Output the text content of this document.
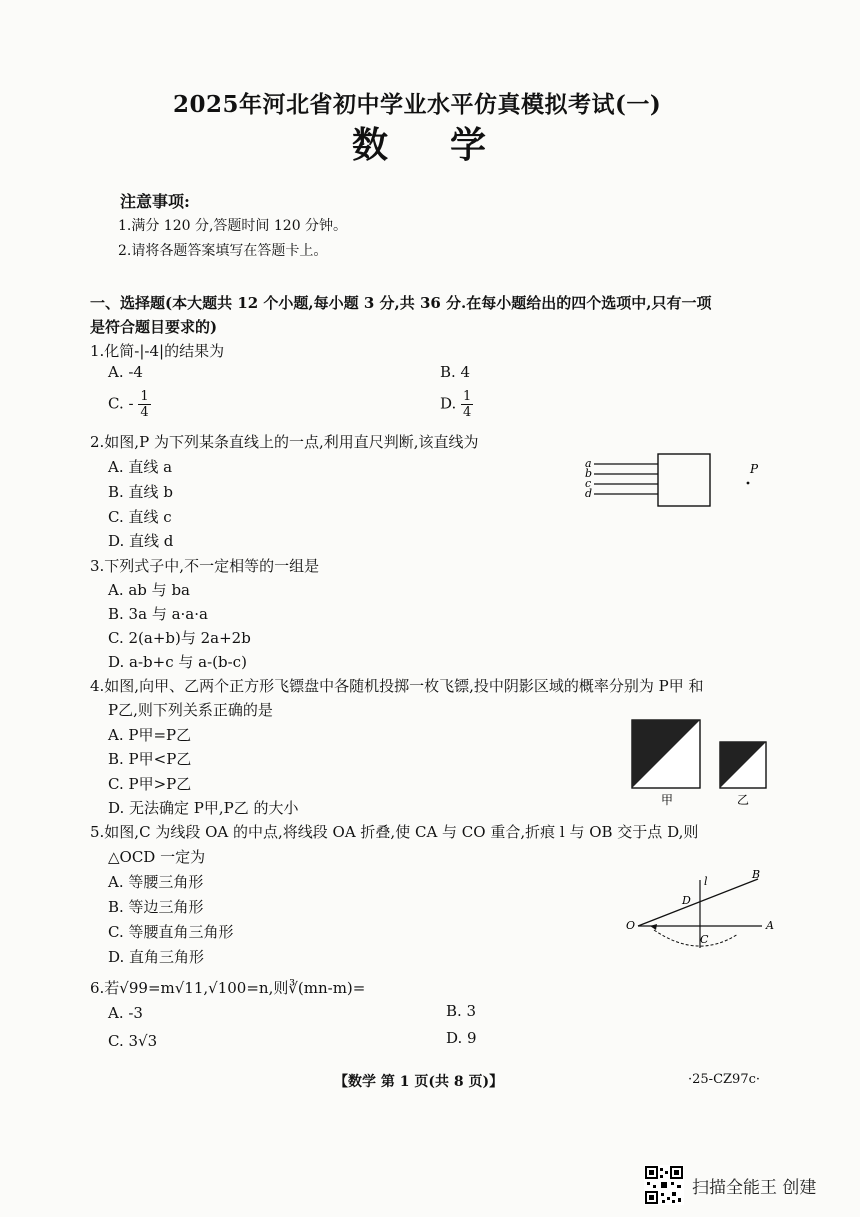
2025年河北省初中学业水平仿真模拟考试(一)
数学
注意事项:
1.满分 120 分,答题时间 120 分钟。
2.请将各题答案填写在答题卡上。
一、选择题(本大题共 12 个小题,每小题 3 分,共 36 分.在每小题给出的四个选项中,只有一项
是符合题目要求的)
1.化简-|-4|的结果为
A. -4	B. 4
C. - $\frac{1}{4}$	D. $\frac{1}{4}$
2.如图,P 为下列某条直线上的一点,利用直尺判断,该直线为
A. 直线 a
B. 直线 b
C. 直线 c
D. 直线 d
a
b
c
d
P
3.下列式子中,不一定相等的一组是
A. ab 与 ba
B. 3a 与 a·a·a
C. 2(a+b)与 2a+2b
D. a-b+c 与 a-(b-c)
4.如图,向甲、乙两个正方形飞镖盘中各随机投掷一枚飞镖,投中阴影区域的概率分别为 P甲 和
P乙,则下列关系正确的是
A. P甲=P乙
B. P甲<P乙
C. P甲>P乙
D. 无法确定 P甲,P乙 的大小	甲	乙
5.如图,C 为线段 OA 的中点,将线段 OA 折叠,使 CA 与 CO 重合,折痕 l 与 OB 交于点 D,则
△OCD 一定为
A. 等腰三角形
B. 等边三角形
C. 等腰直角三角形
D. 直角三角形
l
B
D
O
C
A
6.若√99=m√11,√100=n,则∛(mn-m)=
A. -3	B. 3
C. 3√3	D. 9
【数学 第 1 页(共 8 页)】	·25-CZ97c·
扫描全能王 创建
